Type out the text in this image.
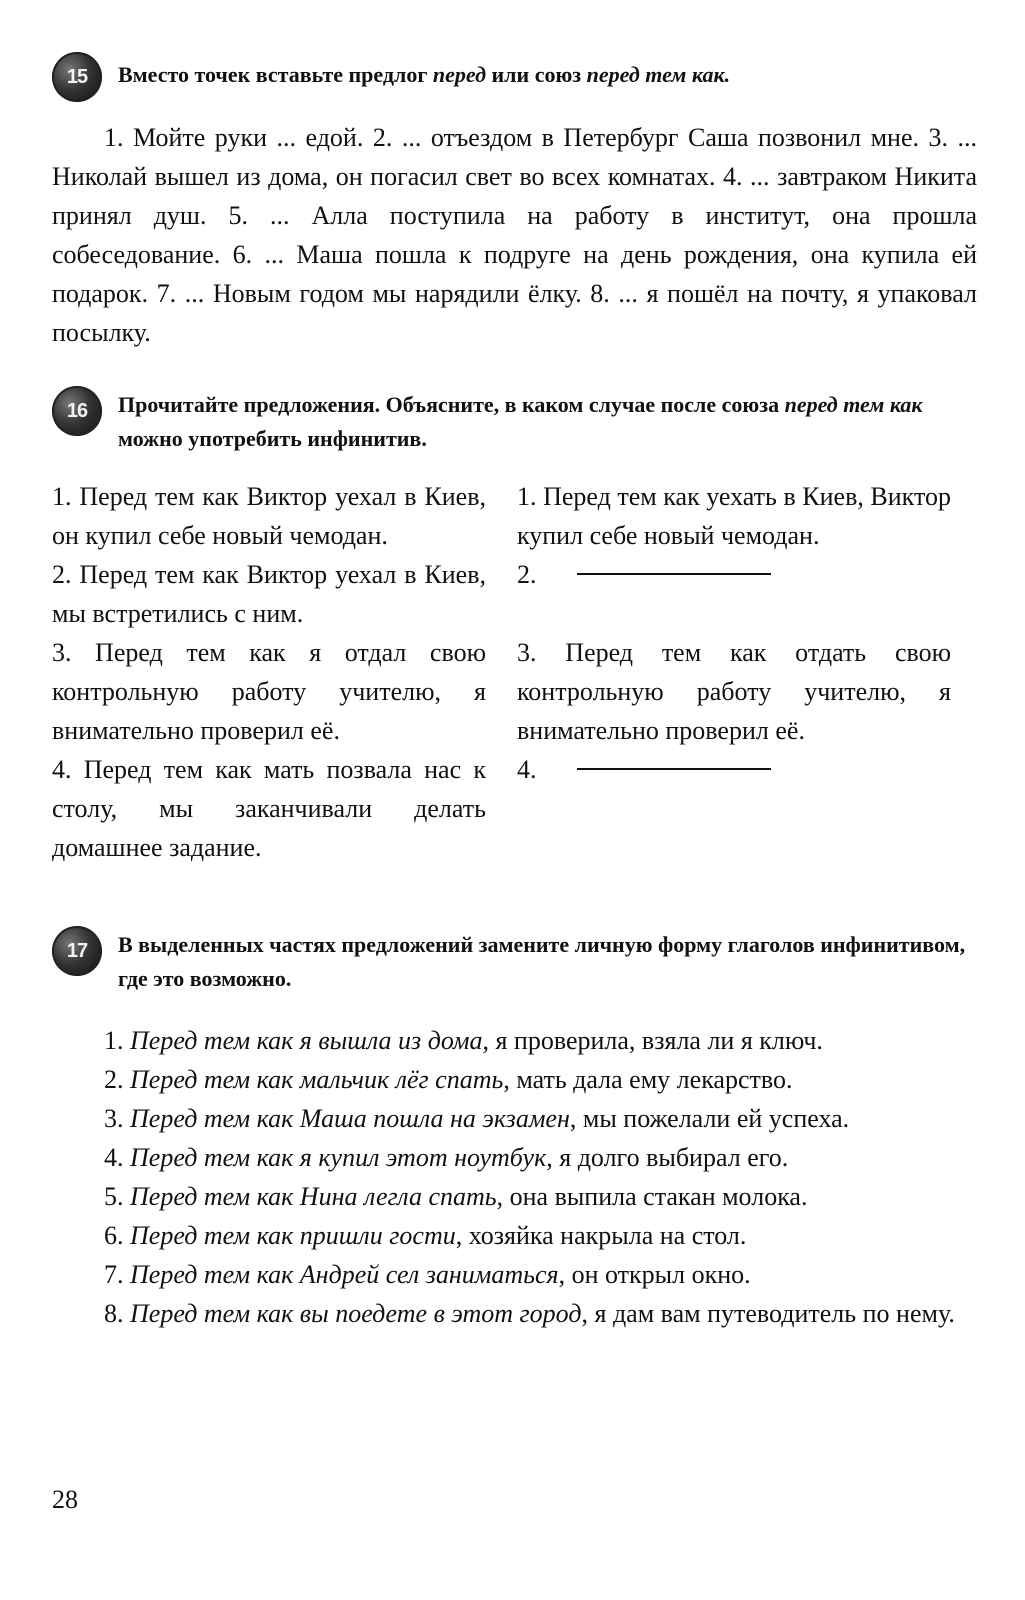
15	Вместо точек вставьте предлог перед или союз перед тем как.
1. Мойте руки ... едой. 2. ... отъездом в Петербург Саша позвонил мне. 3. ... Николай вышел из дома, он погасил свет во всех комнатах. 4. ... завтраком Никита принял душ. 5. ... Алла поступила на работу в институт, она прошла собеседование. 6. ... Маша пошла к подруге на день рождения, она купила ей подарок. 7. ... Новым годом мы нарядили ёлку. 8. ... я пошёл на почту, я упаковал посылку.
16	Прочитайте предложения. Объясните, в каком случае после союза перед тем как можно употребить инфинитив.

1. Перед тем как Виктор уехал в Киев, он купил себе новый чемодан.

2. Перед тем как Виктор уехал в Киев, мы встретились с ним.

3. Перед тем как я отдал свою контрольную работу учителю, я внимательно проверил её.

4. Перед тем как мать позвала нас к столу, мы заканчивали делать домашнее задание.

1. Перед тем как уехать в Киев, Виктор купил себе новый чемодан.

2.

3. Перед тем как отдать свою контрольную работу учителю, я внимательно проверил её.

4.

17	В выделенных частях предложений замените личную форму глаголов инфинитивом, где это возможно.

1. Перед тем как я вышла из дома, я проверила, взяла ли я ключ.

2. Перед тем как мальчик лёг спать, мать дала ему лекарство.

3. Перед тем как Маша пошла на экзамен, мы пожелали ей успеха.

4. Перед тем как я купил этот ноутбук, я долго выбирал его.

5. Перед тем как Нина легла спать, она выпила стакан молока.

6. Перед тем как пришли гости, хозяйка накрыла на стол.

7. Перед тем как Андрей сел заниматься, он открыл окно.

8. Перед тем как вы поедете в этот город, я дам вам путеводитель по нему.

28
